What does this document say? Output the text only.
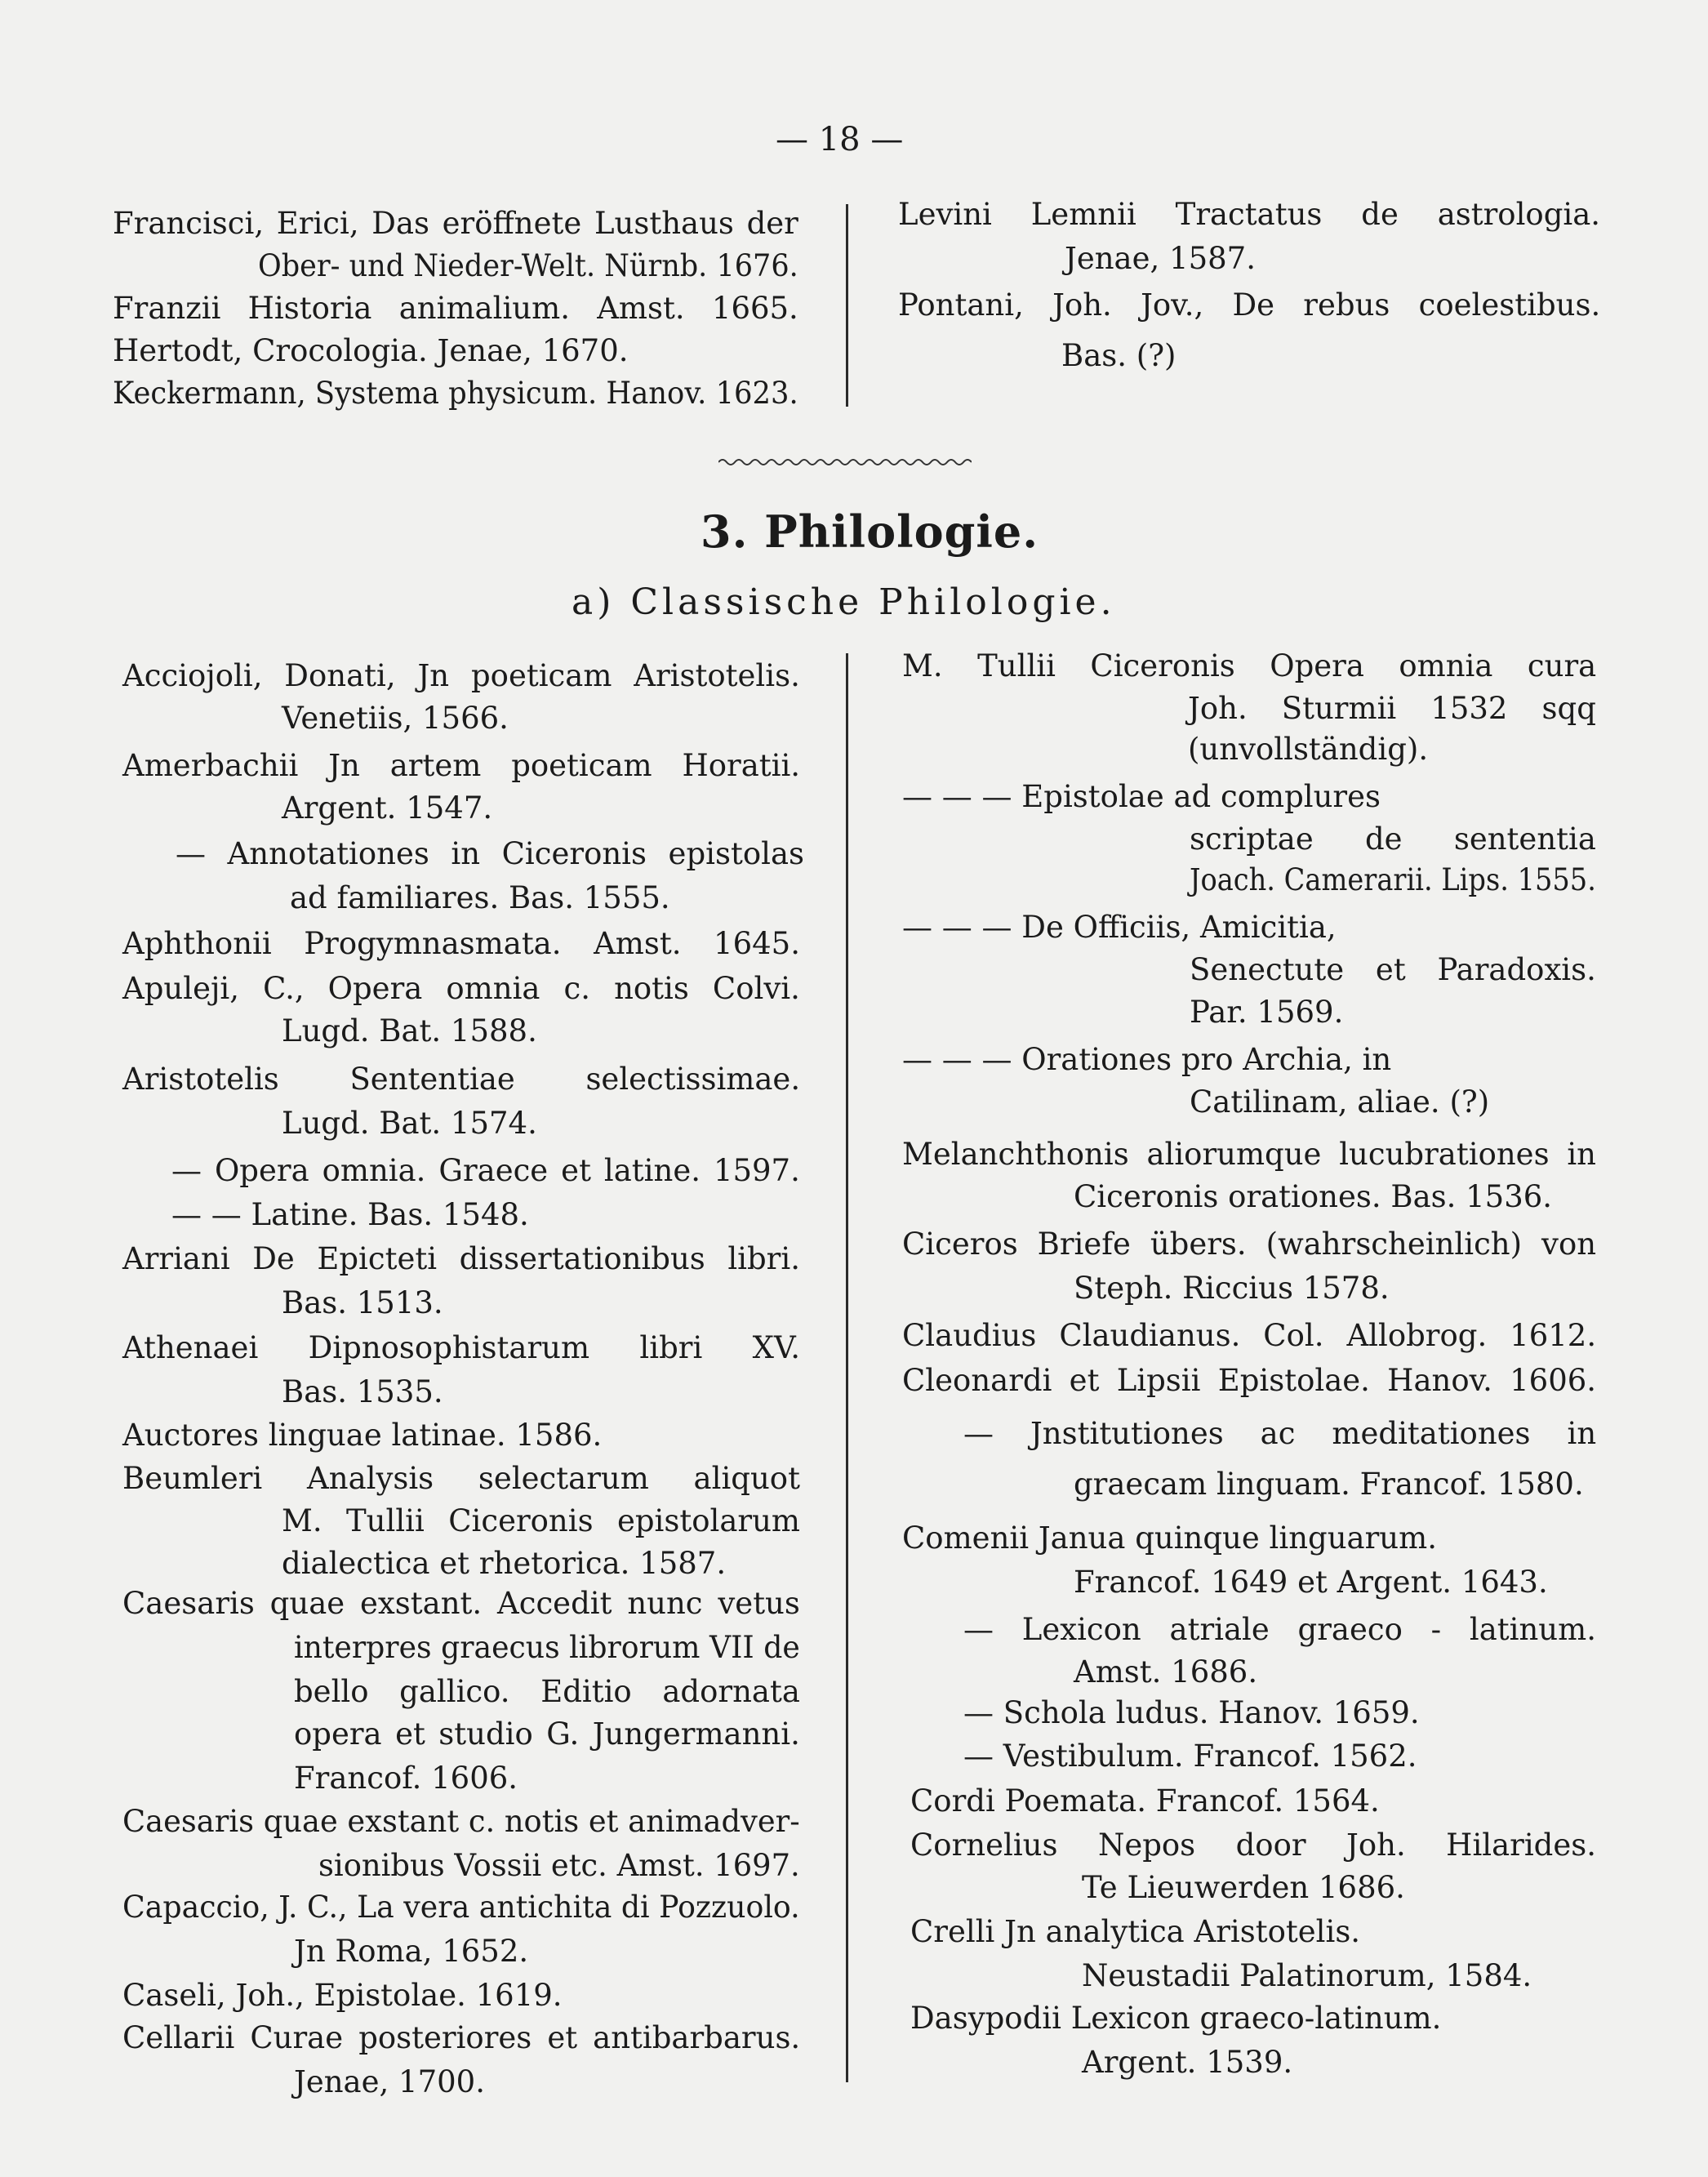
— 18 —
3. Philologie.
a) Classische Philologie.
Francisci, Erici, Das eröffnete Lusthaus der
Ober- und Nieder-Welt. Nürnb. 1676.
Franzii Historia animalium. Amst. 1665.
Hertodt, Crocologia. Jenae, 1670.
Keckermann, Systema physicum. Hanov. 1623.
Levini Lemnii Tractatus de astrologia.
Jenae, 1587.
Pontani, Joh. Jov., De rebus coelestibus.
Bas. (?)
Acciojoli, Donati, Jn poeticam Aristotelis.
Venetiis, 1566.
Amerbachii Jn artem poeticam Horatii.
Argent. 1547.
— Annotationes in Ciceronis epistolas
ad familiares. Bas. 1555.
Aphthonii Progymnasmata. Amst. 1645.
Apuleji, C., Opera omnia c. notis Colvi.
Lugd. Bat. 1588.
Aristotelis Sententiae selectissimae.
Lugd. Bat. 1574.
— Opera omnia. Graece et latine. 1597.
— — Latine. Bas. 1548.
Arriani De Epicteti dissertationibus libri.
Bas. 1513.
Athenaei Dipnosophistarum libri XV.
Bas. 1535.
Auctores linguae latinae. 1586.
Beumleri Analysis selectarum aliquot
M. Tullii Ciceronis epistolarum
dialectica et rhetorica. 1587.
Caesaris quae exstant. Accedit nunc vetus
interpres graecus librorum VII de
bello gallico. Editio adornata
opera et studio G. Jungermanni.
Francof. 1606.
Caesaris quae exstant c. notis et animadver-
sionibus Vossii etc. Amst. 1697.
Capaccio, J. C., La vera antichita di Pozzuolo.
Jn Roma, 1652.
Caseli, Joh., Epistolae. 1619.
Cellarii Curae posteriores et antibarbarus.
Jenae, 1700.
M. Tullii Ciceronis Opera omnia cura
Joh. Sturmii 1532 sqq
(unvollständig).
— — — Epistolae ad complures
scriptae de sententia
Joach. Camerarii. Lips. 1555.
— — — De Officiis, Amicitia,
Senectute et Paradoxis.
Par. 1569.
— — — Orationes pro Archia, in
Catilinam, aliae. (?)
Melanchthonis aliorumque lucubrationes in
Ciceronis orationes. Bas. 1536.
Ciceros Briefe übers. (wahrscheinlich) von
Steph. Riccius 1578.
Claudius Claudianus. Col. Allobrog. 1612.
Cleonardi et Lipsii Epistolae. Hanov. 1606.
— Jnstitutiones ac meditationes in
graecam linguam. Francof. 1580.
Comenii Janua quinque linguarum.
Francof. 1649 et Argent. 1643.
— Lexicon atriale graeco - latinum.
Amst. 1686.
— Schola ludus. Hanov. 1659.
— Vestibulum. Francof. 1562.
Cordi Poemata. Francof. 1564.
Cornelius Nepos door Joh. Hilarides.
Te Lieuwerden 1686.
Crelli Jn analytica Aristotelis.
Neustadii Palatinorum, 1584.
Dasypodii Lexicon graeco-latinum.
Argent. 1539.
